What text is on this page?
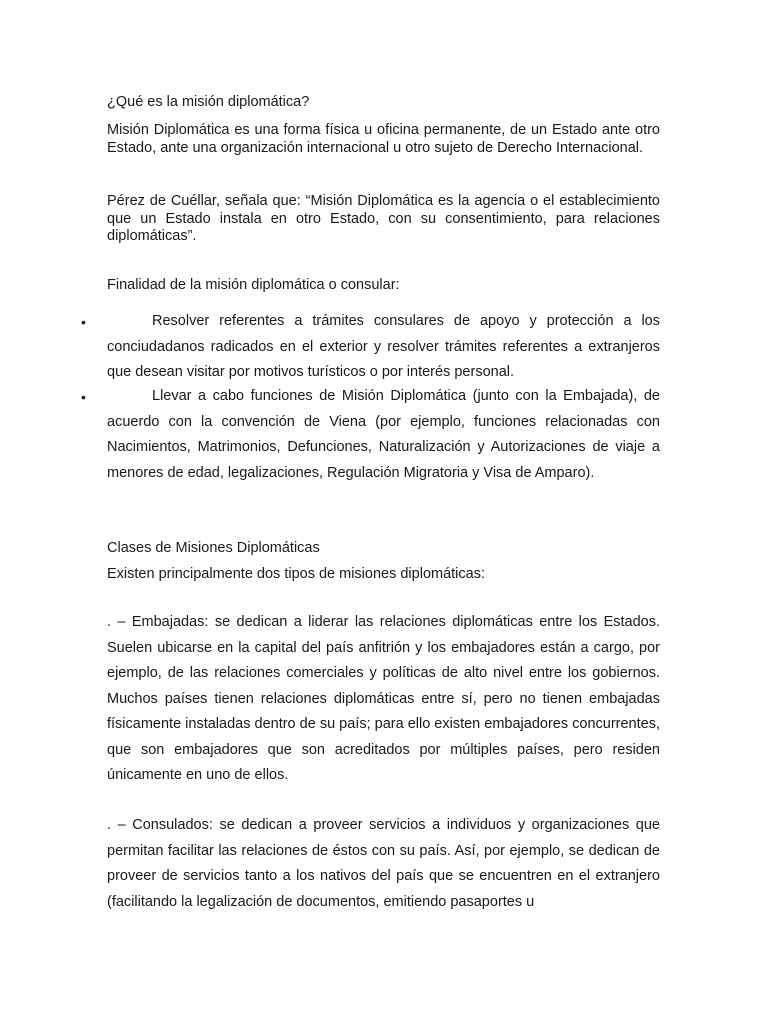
¿Qué es la misión diplomática?

Misión Diplomática es una forma física u oficina permanente, de un Estado ante otro Estado, ante una organización internacional u otro sujeto de Derecho Internacional.

Pérez de Cuéllar, señala que: “Misión Diplomática es la agencia o el establecimiento que un Estado instala en otro Estado, con su consentimiento, para relaciones diplomáticas”.

Finalidad de la misión diplomática o consular:
•	Resolver referentes a trámites consulares de apoyo y protección a los conciudadanos radicados en el exterior y resolver trámites referentes a extranjeros que desean visitar por motivos turísticos o por interés personal.

•	Llevar a cabo funciones de Misión Diplomática (junto con la Embajada), de acuerdo con la convención de Viena (por ejemplo, funciones relacionadas con Nacimientos, Matrimonios, Defunciones, Naturalización y Autorizaciones de viaje a menores de edad, legalizaciones, Regulación Migratoria y Visa de Amparo).

Clases de Misiones Diplomáticas
Existen principalmente dos tipos de misiones diplomáticas:

. – Embajadas: se dedican a liderar las relaciones diplomáticas entre los Estados. Suelen ubicarse en la capital del país anfitrión y los embajadores están a cargo, por ejemplo, de las relaciones comerciales y políticas de alto nivel entre los gobiernos. Muchos países tienen relaciones diplomáticas entre sí, pero no tienen embajadas físicamente instaladas dentro de su país; para ello existen embajadores concurrentes, que son embajadores que son acreditados por múltiples países, pero residen únicamente en uno de ellos.

. – Consulados: se dedican a proveer servicios a individuos y organizaciones que permitan facilitar las relaciones de éstos con su país. Así, por ejemplo, se dedican de proveer de servicios tanto a los nativos del país que se encuentren en el extranjero (facilitando la legalización de documentos, emitiendo pasaportes u
